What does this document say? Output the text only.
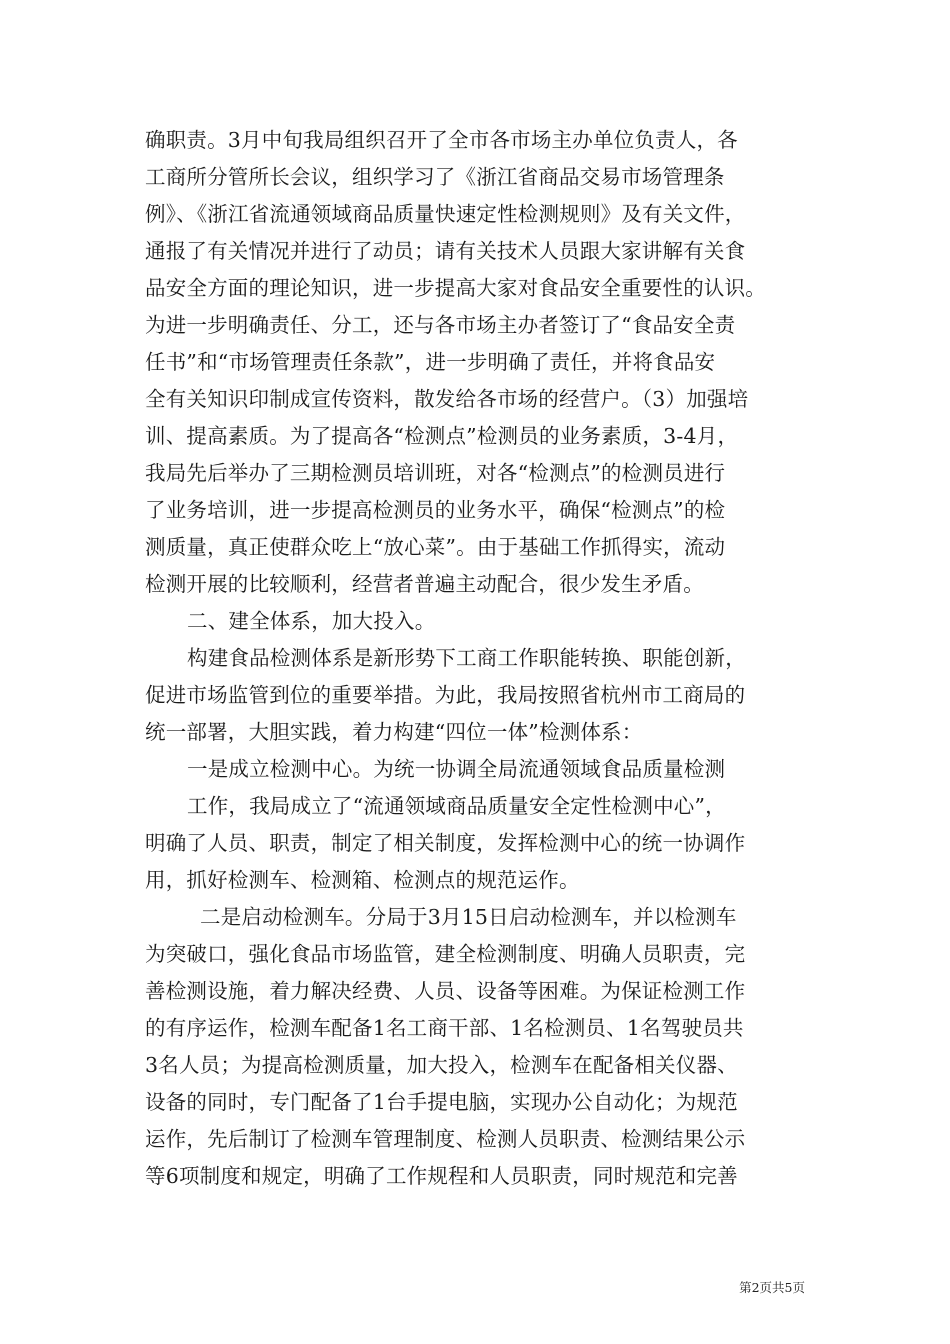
确职责。3月中旬我局组织召开了全市各市场主办单位负责人，各
工商所分管所长会议，组织学习了《浙江省商品交易市场管理条
例》、《浙江省流通领域商品质量快速定性检测规则》及有关文件，
通报了有关情况并进行了动员；请有关技术人员跟大家讲解有关食
品安全方面的理论知识，进一步提高大家对食品安全重要性的认识。
为进一步明确责任、分工，还与各市场主办者签订了“食品安全责
任书”和“市场管理责任条款”，进一步明确了责任，并将食品安
全有关知识印制成宣传资料，散发给各市场的经营户。（3）加强培
训、提高素质。为了提高各“检测点”检测员的业务素质，3-4月，
我局先后举办了三期检测员培训班，对各“检测点”的检测员进行
了业务培训，进一步提高检测员的业务水平，确保“检测点”的检
测质量，真正使群众吃上“放心菜”。由于基础工作抓得实，流动
检测开展的比较顺利，经营者普遍主动配合，很少发生矛盾。
二、建全体系，加大投入。
构建食品检测体系是新形势下工商工作职能转换、职能创新，
促进市场监管到位的重要举措。为此，我局按照省杭州市工商局的
统一部署，大胆实践，着力构建“四位一体”检测体系：
一是成立检测中心。为统一协调全局流通领域食品质量检测
工作，我局成立了“流通领域商品质量安全定性检测中心”，
明确了人员、职责，制定了相关制度，发挥检测中心的统一协调作
用，抓好检测车、检测箱、检测点的规范运作。
二是启动检测车。分局于3月15日启动检测车，并以检测车
为突破口，强化食品市场监管，建全检测制度、明确人员职责，完
善检测设施，着力解决经费、人员、设备等困难。为保证检测工作
的有序运作，检测车配备1名工商干部、1名检测员、1名驾驶员共
3名人员；为提高检测质量，加大投入，检测车在配备相关仪器、
设备的同时，专门配备了1台手提电脑，实现办公自动化；为规范
运作，先后制订了检测车管理制度、检测人员职责、检测结果公示
等6项制度和规定，明确了工作规程和人员职责，同时规范和完善
第2页共5页
